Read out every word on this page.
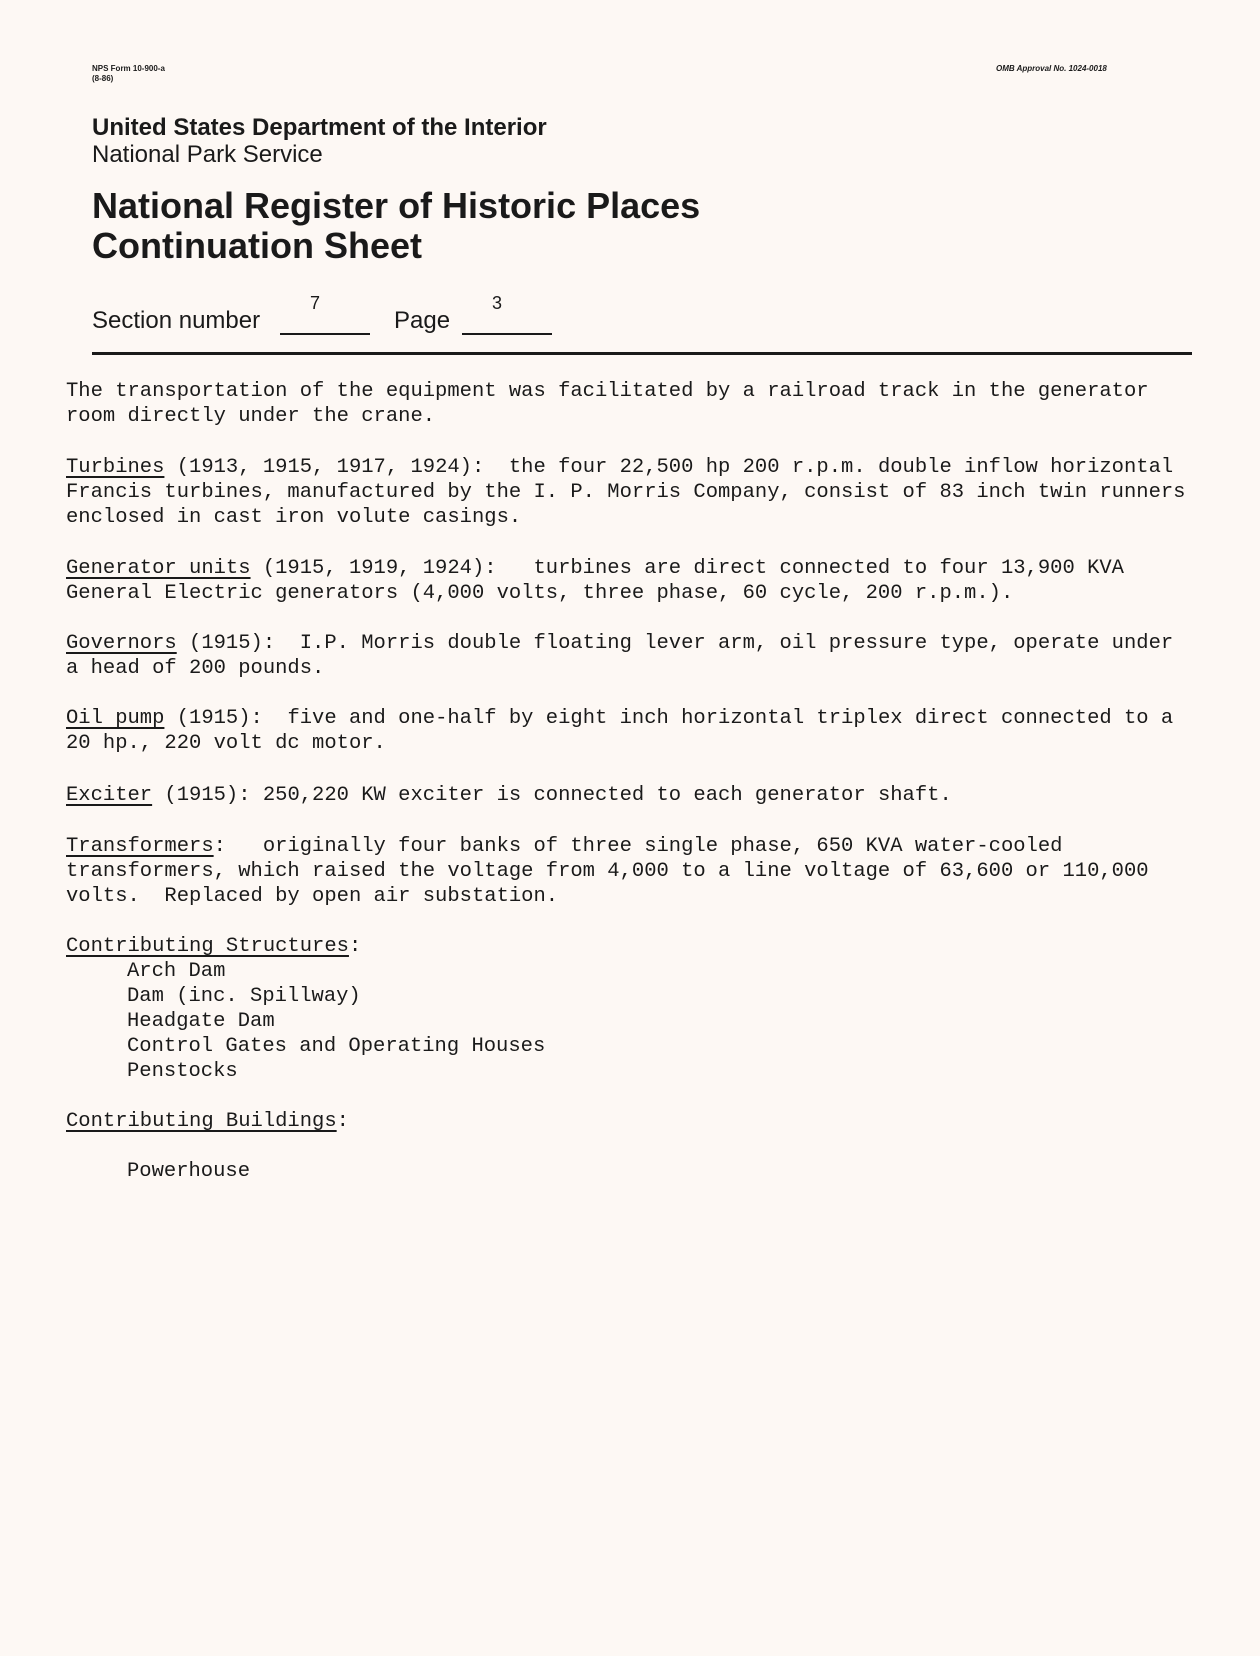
NPS Form 10-900-a
(8-86)
OMB Approval No. 1024-0018
United States Department of the Interior
National Park Service
National Register of Historic Places
Continuation Sheet
Section number
7
Page
3
The transportation of the equipment was facilitated by a railroad track in the generator
room directly under the crane.
Turbines (1913, 1915, 1917, 1924):  the four 22,500 hp 200 r.p.m. double inflow horizontal
Francis turbines, manufactured by the I. P. Morris Company, consist of 83 inch twin runners
enclosed in cast iron volute casings.
Generator units (1915, 1919, 1924):   turbines are direct connected to four 13,900 KVA
General Electric generators (4,000 volts, three phase, 60 cycle, 200 r.p.m.).
Governors (1915):  I.P. Morris double floating lever arm, oil pressure type, operate under
a head of 200 pounds.
Oil pump (1915):  five and one-half by eight inch horizontal triplex direct connected to a
20 hp., 220 volt dc motor.
Exciter (1915): 250,220 KW exciter is connected to each generator shaft.
Transformers:   originally four banks of three single phase, 650 KVA water-cooled
transformers, which raised the voltage from 4,000 to a line voltage of 63,600 or 110,000
volts.  Replaced by open air substation.
Contributing Structures:
Arch Dam
Dam (inc. Spillway)
Headgate Dam
Control Gates and Operating Houses
Penstocks
Contributing Buildings:

Powerhouse
